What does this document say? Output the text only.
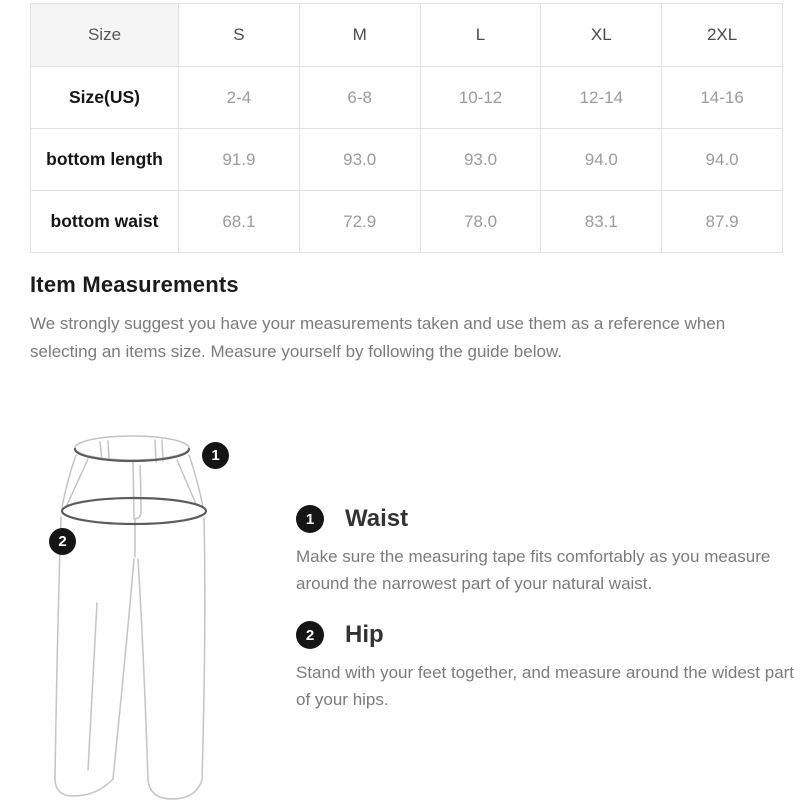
Size	S	M	L	XL	2XL
Size(US)	2-4	6-8	10-12	12-14	14-16
bottom length	91.9	93.0	93.0	94.0	94.0
bottom waist	68.1	72.9	78.0	83.1	87.9
Item Measurements

We strongly suggest you have your measurements taken and use them as a reference when selecting an items size. Measure yourself by following the guide below.

1
2
1	Waist

Make sure the measuring tape fits comfortably as you measure around the narrowest part of your natural waist.

2	Hip

Stand with your feet together, and measure around the widest part of your hips.
